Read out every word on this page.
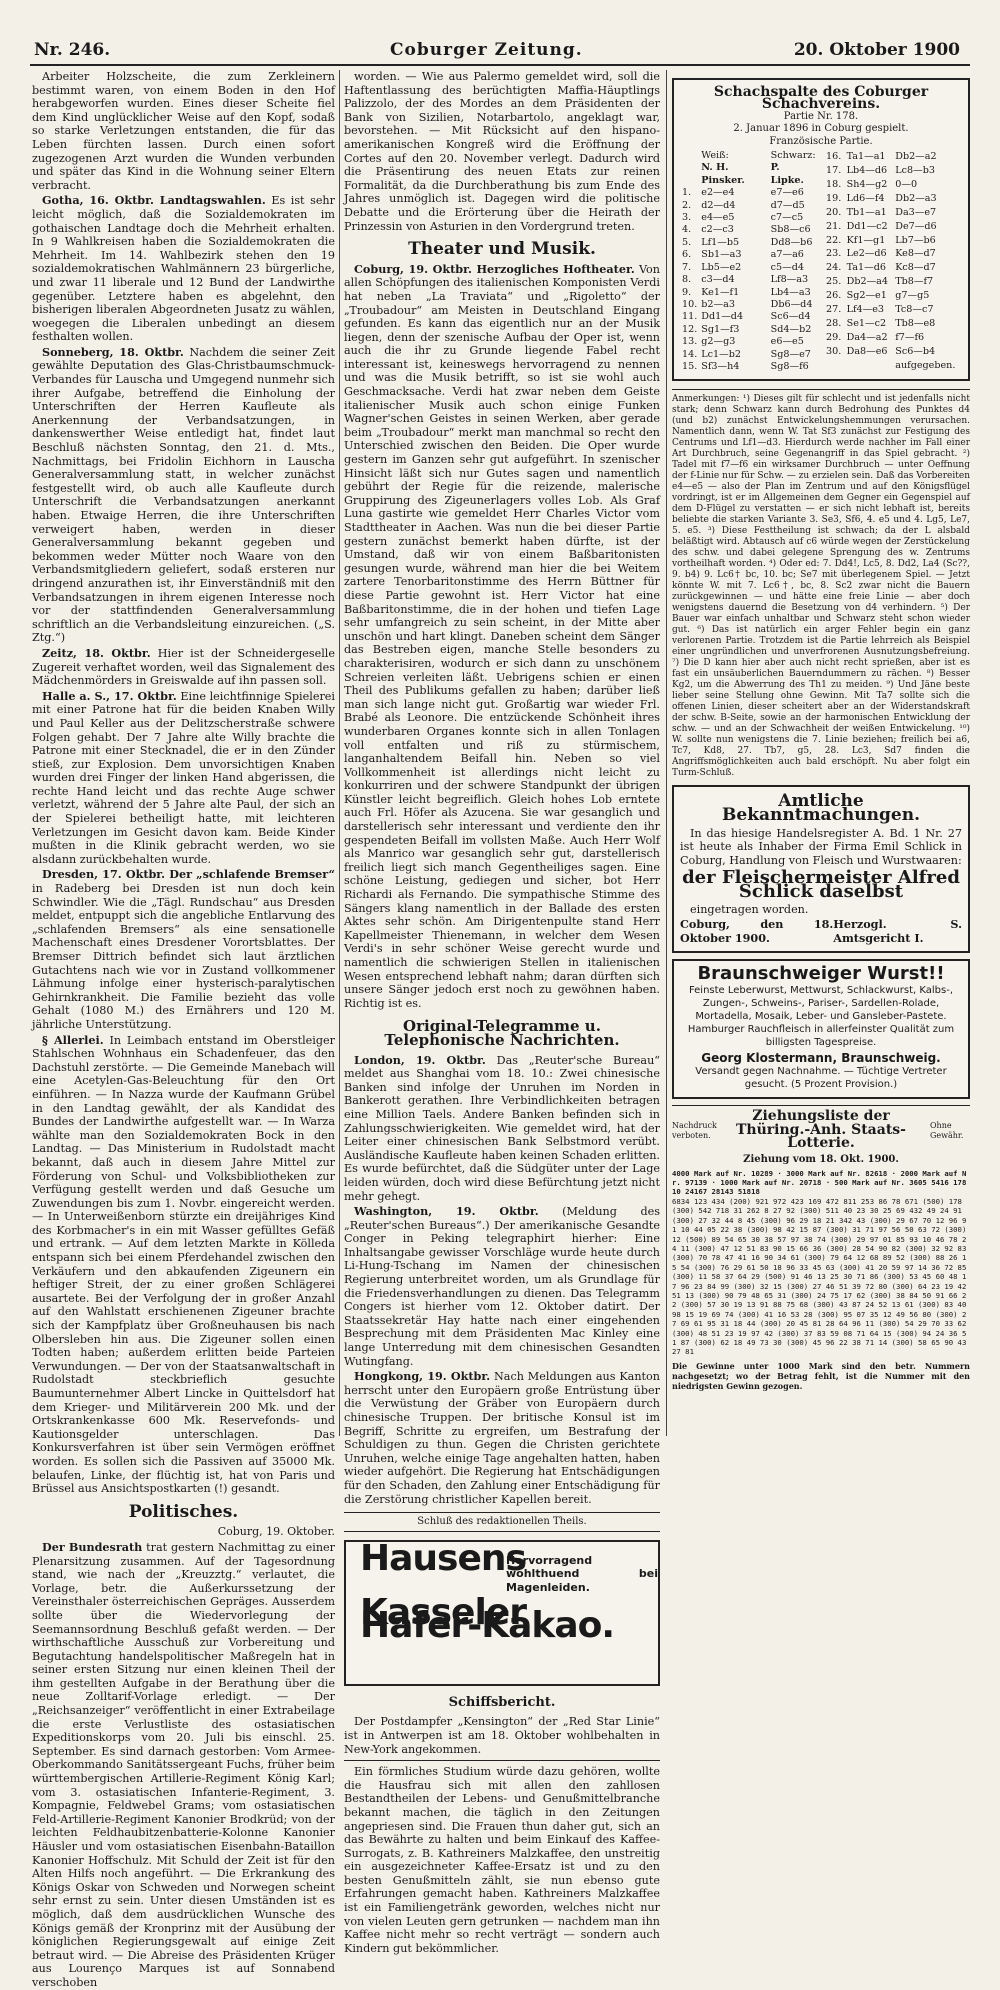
Nr. 246.	Coburger Zeitung.	20. Oktober 1900

Arbeiter Holzscheite, die zum Zerkleinern bestimmt waren, von einem Boden in den Hof herabgeworfen wurden. Eines dieser Scheite fiel dem Kind unglücklicher Weise auf den Kopf, sodaß so starke Verletzungen entstanden, die für das Leben fürchten lassen. Durch einen sofort zugezogenen Arzt wurden die Wunden verbunden und später das Kind in die Wohnung seiner Eltern verbracht.

Gotha, 16. Oktbr. Landtagswahlen. Es ist sehr leicht möglich, daß die Sozialdemokraten im gothaischen Landtage doch die Mehrheit erhalten. In 9 Wahlkreisen haben die Sozialdemokraten die Mehrheit. Im 14. Wahlbezirk stehen den 19 sozialdemokratischen Wahlmännern 23 bürgerliche, und zwar 11 liberale und 12 Bund der Landwirthe gegenüber. Letztere haben es abgelehnt, den bisherigen liberalen Abgeordneten Jusatz zu wählen, woegegen die Liberalen unbedingt an diesem festhalten wollen.

Sonneberg, 18. Oktbr. Nachdem die seiner Zeit gewählte Deputation des Glas-Christbaumschmuck-Verbandes für Lauscha und Umgegend nunmehr sich ihrer Aufgabe, betreffend die Einholung der Unterschriften der Herren Kaufleute als Anerkennung der Verbandsatzungen, in dankenswerther Weise entledigt hat, findet laut Beschluß nächsten Sonntag, den 21. d. Mts., Nachmittags, bei Fridolin Eichhorn in Lauscha Generalversammlung statt, in welcher zunächst festgestellt wird, ob auch alle Kaufleute durch Unterschrift die Verbandsatzungen anerkannt haben. Etwaige Herren, die ihre Unterschriften verweigert haben, werden in dieser Generalversammlung bekannt gegeben und bekommen weder Mütter noch Waare von den Verbandsmitgliedern geliefert, sodaß ersteren nur dringend anzurathen ist, ihr Einverständniß mit den Verbandsatzungen in ihrem eigenen Interesse noch vor der stattfindenden Generalversammlung schriftlich an die Verbandsleitung einzureichen. („S. Ztg.“)

Zeitz, 18. Oktbr. Hier ist der Schneidergeselle Zugereit verhaftet worden, weil das Signalement des Mädchenmörders in Greiswalde auf ihn passen soll.

Halle a. S., 17. Oktbr. Eine leichtfinnige Spielerei mit einer Patrone hat für die beiden Knaben Willy und Paul Keller aus der Delitzscherstraße schwere Folgen gehabt. Der 7 Jahre alte Willy brachte die Patrone mit einer Stecknadel, die er in den Zünder stieß, zur Explosion. Dem unvorsichtigen Knaben wurden drei Finger der linken Hand abgerissen, die rechte Hand leicht und das rechte Auge schwer verletzt, während der 5 Jahre alte Paul, der sich an der Spielerei betheiligt hatte, mit leichteren Verletzungen im Gesicht davon kam. Beide Kinder mußten in die Klinik gebracht werden, wo sie alsdann zurückbehalten wurde.

Dresden, 17. Oktbr. Der „schlafende Bremser“ in Radeberg bei Dresden ist nun doch kein Schwindler. Wie die „Tägl. Rundschau“ aus Dresden meldet, entpuppt sich die angebliche Entlarvung des „schlafenden Bremsers“ als eine sensationelle Machenschaft eines Dresdener Vorortsblattes. Der Bremser Dittrich befindet sich laut ärztlichen Gutachtens nach wie vor in Zustand vollkommener Lähmung infolge einer hysterisch-paralytischen Gehirnkrankheit. Die Familie bezieht das volle Gehalt (1080 M.) des Ernährers und 120 M. jährliche Unterstützung.

§ Allerlei. In Leimbach entstand im Oberstleiger Stahlschen Wohnhaus ein Schadenfeuer, das den Dachstuhl zerstörte. — Die Gemeinde Manebach will eine Acetylen-Gas-Beleuchtung für den Ort einführen. — In Nazza wurde der Kaufmann Grübel in den Landtag gewählt, der als Kandidat des Bundes der Landwirthe aufgestellt war. — In Warza wählte man den Sozialdemokraten Bock in den Landtag. — Das Ministerium in Rudolstadt macht bekannt, daß auch in diesem Jahre Mittel zur Förderung von Schul- und Volksbibliotheken zur Verfügung gestellt werden und daß Gesuche um Zuwendungen bis zum 1. Novbr. eingereicht werden. — In Unterweißenborn stürzte ein dreijähriges Kind des Korbmacher's in ein mit Wasser gefülltes Gefäß und ertrank. — Auf dem letzten Markte in Kölleda entspann sich bei einem Pferdehandel zwischen den Verkäufern und den abkaufenden Zigeunern ein heftiger Streit, der zu einer großen Schlägerei ausartete. Bei der Verfolgung der in großer Anzahl auf den Wahlstatt erschienenen Zigeuner brachte sich der Kampfplatz über Großneuhausen bis nach Olbersleben hin aus. Die Zigeuner sollen einen Todten haben; außerdem erlitten beide Parteien Verwundungen. — Der von der Staatsanwaltschaft in Rudolstadt steckbrieflich gesuchte Baumunternehmer Albert Lincke in Quittelsdorf hat dem Krieger- und Militärverein 200 Mk. und der Ortskrankenkasse 600 Mk. Reservefonds- und Kautionsgelder unterschlagen. Das Konkursverfahren ist über sein Vermögen eröffnet worden. Es sollen sich die Passiven auf 35000 Mk. belaufen, Linke, der flüchtig ist, hat von Paris und Brüssel aus Ansichtspostkarten (!) gesandt.

Politisches.
Coburg, 19. Oktober.

Der Bundesrath trat gestern Nachmittag zu einer Plenarsitzung zusammen. Auf der Tagesordnung stand, wie nach der „Kreuzztg.“ verlautet, die Vorlage, betr. die Außerkurssetzung der Vereinsthaler österreichischen Gepräges. Ausserdem sollte über die Wiedervorlegung der Seemannsordnung Beschluß gefaßt werden. — Der wirthschaftliche Ausschuß zur Vorbereitung und Begutachtung handelspolitischer Maßregeln hat in seiner ersten Sitzung nur einen kleinen Theil der ihm gestellten Aufgabe in der Berathung über die neue Zolltarif-Vorlage erledigt. — Der „Reichsanzeiger“ veröffentlicht in einer Extrabeilage die erste Verlustliste des ostasiatischen Expeditionskorps vom 20. Juli bis einschl. 25. September. Es sind darnach gestorben: Vom Armee-Oberkommando Sanitätssergeant Fuchs, früher beim württembergischen Artillerie-Regiment König Karl; vom 3. ostasiatischen Infanterie-Regiment, 3. Kompagnie, Feldwebel Grams; vom ostasiatischen Feld-Artillerie-Regiment Kanonier Brodkrüd; von der leichten Feldhaubitzenbatterie-Kolonne Kanonier Häusler und vom ostasiatischen Eisenbahn-Bataillon Kanonier Hoffschulz. Mit Schuld der Zeit ist für den Alten Hilfs noch angeführt. — Die Erkrankung des Königs Oskar von Schweden und Norwegen scheint sehr ernst zu sein. Unter diesen Umständen ist es möglich, daß dem ausdrücklichen Wunsche des Königs gemäß der Kronprinz mit der Ausübung der königlichen Regierungsgewalt auf einige Zeit betraut wird. — Die Abreise des Präsidenten Krüger aus Lourenço Marques ist auf Sonnabend verschoben

worden. — Wie aus Palermo gemeldet wird, soll die Haftentlassung des berüchtigten Maffia-Häuptlings Palizzolo, der des Mordes an dem Präsidenten der Bank von Sizilien, Notarbartolo, angeklagt war, bevorstehen. — Mit Rücksicht auf den hispano-amerikanischen Kongreß wird die Eröffnung der Cortes auf den 20. November verlegt. Dadurch wird die Präsentirung des neuen Etats zur reinen Formalität, da die Durchberathung bis zum Ende des Jahres unmöglich ist. Dagegen wird die politische Debatte und die Erörterung über die Heirath der Prinzessin von Asturien in den Vordergrund treten.

Theater und Musik.

Coburg, 19. Oktbr. Herzogliches Hoftheater. Von allen Schöpfungen des italienischen Komponisten Verdi hat neben „La Traviata“ und „Rigoletto“ der „Troubadour“ am Meisten in Deutschland Eingang gefunden. Es kann das eigentlich nur an der Musik liegen, denn der szenische Aufbau der Oper ist, wenn auch die ihr zu Grunde liegende Fabel recht interessant ist, keineswegs hervorragend zu nennen und was die Musik betrifft, so ist sie wohl auch Geschmacksache. Verdi hat zwar neben dem Geiste italienischer Musik auch schon einige Funken Wagner'schen Geistes in seinen Werken, aber gerade beim „Troubadour“ merkt man manchmal so recht den Unterschied zwischen den Beiden. Die Oper wurde gestern im Ganzen sehr gut aufgeführt. In szenischer Hinsicht läßt sich nur Gutes sagen und namentlich gebührt der Regie für die reizende, malerische Gruppirung des Zigeunerlagers volles Lob. Als Graf Luna gastirte wie gemeldet Herr Charles Victor vom Stadttheater in Aachen. Was nun die bei dieser Partie gestern zunächst bemerkt haben dürfte, ist der Umstand, daß wir von einem Baßbaritonisten gesungen wurde, während man hier die bei Weitem zartere Tenorbaritonstimme des Herrn Büttner für diese Partie gewohnt ist. Herr Victor hat eine Baßbaritonstimme, die in der hohen und tiefen Lage sehr umfangreich zu sein scheint, in der Mitte aber unschön und hart klingt. Daneben scheint dem Sänger das Bestreben eigen, manche Stelle besonders zu charakterisiren, wodurch er sich dann zu unschönem Schreien verleiten läßt. Uebrigens schien er einen Theil des Publikums gefallen zu haben; darüber ließ man sich lange nicht gut. Großartig war wieder Frl. Brabé als Leonore. Die entzückende Schönheit ihres wunderbaren Organes konnte sich in allen Tonlagen voll entfalten und riß zu stürmischem, langanhaltendem Beifall hin. Neben so viel Vollkommenheit ist allerdings nicht leicht zu konkurriren und der schwere Standpunkt der übrigen Künstler leicht begreiflich. Gleich hohes Lob erntete auch Frl. Höfer als Azucena. Sie war gesanglich und darstellerisch sehr interessant und verdiente den ihr gespendeten Beifall im vollsten Maße. Auch Herr Wolf als Manrico war gesanglich sehr gut, darstellerisch freilich liegt sich manch Gegentheiliges sagen. Eine schöne Leistung, gediegen und sicher, bot Herr Richardi als Fernando. Die sympathische Stimme des Sängers klang namentlich in der Ballade des ersten Aktes sehr schön. Am Dirigentenpulte stand Herr Kapellmeister Thienemann, in welcher dem Wesen Verdi's in sehr schöner Weise gerecht wurde und namentlich die schwierigen Stellen in italienischen Wesen entsprechend lebhaft nahm; daran dürften sich unsere Sänger jedoch erst noch zu gewöhnen haben. Richtig ist es.

Original-Telegramme u. Telephonische Nachrichten.

London, 19. Oktbr. Das „Reuter'sche Bureau“ meldet aus Shanghai vom 18. 10.: Zwei chinesische Banken sind infolge der Unruhen im Norden in Bankerott gerathen. Ihre Verbindlichkeiten betragen eine Million Taels. Andere Banken befinden sich in Zahlungsschwierigkeiten. Wie gemeldet wird, hat der Leiter einer chinesischen Bank Selbstmord verübt. Ausländische Kaufleute haben keinen Schaden erlitten. Es wurde befürchtet, daß die Südgüter unter der Lage leiden würden, doch wird diese Befürchtung jetzt nicht mehr gehegt.

Washington, 19. Oktbr. (Meldung des „Reuter'schen Bureaus“.) Der amerikanische Gesandte Conger in Peking telegraphirt hierher: Eine Inhaltsangabe gewisser Vorschläge wurde heute durch Li-Hung-Tschang im Namen der chinesischen Regierung unterbreitet worden, um als Grundlage für die Friedensverhandlungen zu dienen. Das Telegramm Congers ist hierher vom 12. Oktober datirt. Der Staatssekretär Hay hatte nach einer eingehenden Besprechung mit dem Präsidenten Mac Kinley eine lange Unterredung mit dem chinesischen Gesandten Wutingfang.

Hongkong, 19. Oktbr. Nach Meldungen aus Kanton herrscht unter den Europäern große Entrüstung über die Verwüstung der Gräber von Europäern durch chinesische Truppen. Der britische Konsul ist im Begriff, Schritte zu ergreifen, um Bestrafung der Schuldigen zu thun. Gegen die Christen gerichtete Unruhen, welche einige Tage angehalten hatten, haben wieder aufgehört. Die Regierung hat Entschädigungen für den Schaden, den Zahlung einer Entschädigung für die Zerstörung christlicher Kapellen bereit.

Schluß des redaktionellen Theils.
Hausens
Hervorragend wohlthuend bei Magenleiden.
Kasseler Hafer-Kakao.
Schiffsbericht.

Der Postdampfer „Kensington“ der „Red Star Linie“ ist in Antwerpen ist am 18. Oktober wohlbehalten in New-York angekommen.

Ein förmliches Studium würde dazu gehören, wollte die Hausfrau sich mit allen den zahllosen Bestandtheilen der Lebens- und Genußmittelbranche bekannt machen, die täglich in den Zeitungen angepriesen sind. Die Frauen thun daher gut, sich an das Bewährte zu halten und beim Einkauf des Kaffee-Surrogats, z. B. Kathreiners Malzkaffee, den unstreitig ein ausgezeichneter Kaffee-Ersatz ist und zu den besten Genußmitteln zählt, sie nun ebenso gute Erfahrungen gemacht haben. Kathreiners Malzkaffee ist ein Familiengetränk geworden, welches nicht nur von vielen Leuten gern getrunken — nachdem man ihn Kaffee nicht mehr so recht verträgt — sondern auch Kindern gut bekömmlicher.

Schachspalte des Coburger Schachvereins.
Partie Nr. 178.
2. Januar 1896 in Coburg gespielt.
Französische Partie.
	Weiß:	Schwarz:
	N. H. Pinsker.	P. Lipke.
1.	e2—e4	e7—e6
2.	d2—d4	d7—d5
3.	e4—e5	c7—c5
4.	c2—c3	Sb8—c6
5.	Lf1—b5	Dd8—b6
6.	Sb1—a3	a7—a6
7.	Lb5—e2	c5—d4
8.	c3—d4	Lf8—a3
9.	Ke1—f1	Lb4—a3
10.	b2—a3	Db6—d4
11.	Dd1—d4	Sc6—d4
12.	Sg1—f3	Sd4—b2
13.	g2—g3	e6—e5
14.	Lc1—b2	Sg8—e7
15.	Sf3—h4	Sg8—f6
16.	Ta1—a1	Db2—a2
17.	Lb4—d6	Lc8—b3
18.	Sh4—g2	0—0
19.	Ld6—f4	Db2—a3
20.	Tb1—a1	Da3—e7
21.	Dd1—c2	De7—d6
22.	Kf1—g1	Lb7—b6
23.	Le2—d6	Ke8—d7
24.	Ta1—d6	Kc8—d7
25.	Db2—a4	Tb8—f7
26.	Sg2—e1	g7—g5
27.	Lf4—e3	Tc8—c7
28.	Se1—c2	Tb8—e8
29.	Da4—a2	f7—f6
30.	Da8—e6	Sc6—b4
		aufgegeben.
Anmerkungen: ¹) Dieses gilt für schlecht und ist jedenfalls nicht stark; denn Schwarz kann durch Bedrohung des Punktes d4 (und b2) zunächst Entwickelungshemmungen verursachen. Namentlich dann, wenn W. Tat Sf3 zunächst zur Festigung des Centrums und Lf1—d3. Hierdurch werde nachher im Fall einer Art Durchbruch, seine Gegenangriff in das Spiel gebracht. ²) Tadel mit f7—f6 ein wirksamer Durchbruch — unter Oeffnung der f-Linie nur für Schw. — zu erzielen sein. Daß das Vorbereiten e4—e5 — also der Plan im Zentrum und auf den Königsflügel vordringt, ist er im Allgemeinen dem Gegner ein Gegenspiel auf dem D-Flügel zu verstatten — er sich nicht lebhaft ist, bereits beliebte die starken Variante 3. Se3, Sf6, 4. e5 und 4. Lg5, Le7, 5. e5. ³) Diese Festtheilung ist schwach; da der L alsbald beläßtigt wird. Abtausch auf c6 würde wegen der Zerstückelung des schw. und dabei gelegene Sprengung des w. Zentrums vortheilhaft worden. ⁴) Oder ed: 7. Dd4!, Lc5, 8. Dd2, La4 (Sc??, 9. b4) 9. Lc6† bc, 10. bc; Se7 mit überlegenem Spiel. — Jetzt könnte W. mit 7. Lc6†, bc, 8. Sc2 zwar nicht die Bauern zurückgewinnen — und hätte eine freie Linie — aber doch wenigstens dauernd die Besetzung von d4 verhindern. ⁵) Der Bauer war einfach unhaltbar und Schwarz steht schon wieder gut. ⁶) Das ist natürlich ein arger Fehler begin ein ganz verlorenen Partie. Trotzdem ist die Partie lehrreich als Beispiel einer ungründlichen und unverfrorenen Ausnutzungsbefreiung. ⁷) Die D kann hier aber auch nicht recht sprießen, aber ist es fast ein unsäuberlichen Bauerndummern zu rächen. ⁸) Besser Kg2, um die Abwerrung des Th1 zu meiden. ⁹) Und Jäne beste lieber seine Stellung ohne Gewinn. Mit Ta7 sollte sich die offenen Linien, dieser scheitert aber an der Widerstandskraft der schw. B-Seite, sowie an der harmonischen Entwicklung der schw. — und an der Schwachheit der weißen Entwickelung. ¹⁰) W. sollte nun wenigstens die 7. Linie beziehen; freilich bei a6, Tc7, Kd8, 27. Tb7, g5, 28. Lc3, Sd7 finden die Angriffsmöglichkeiten auch bald erschöpft. Nu aber folgt ein Turm-Schluß.
Amtliche Bekanntmachungen.

In das hiesige Handelsregister A. Bd. 1 Nr. 27 ist heute als Inhaber der Firma Emil Schlick in Coburg, Handlung von Fleisch und Wurstwaaren:

der Fleischermeister Alfred Schlick daselbst

eingetragen worden.

Coburg, den 18. Oktober 1900.
Herzogl. S. Amtsgericht I.
Braunschweiger Wurst!!
Feinste Leberwurst, Mettwurst, Schlackwurst, Kalbs-, Zungen-, Schweins-, Pariser-, Sardellen-Rolade, Mortadella, Mosaik, Leber- und Gansleber-Pastete. Hamburger Rauchfleisch in allerfeinster Qualität zum billigsten Tagespreise.
Georg Klostermann, Braunschweig.
Versandt gegen Nachnahme. — Tüchtige Vertreter gesucht. (5 Prozent Provision.)
Nachdruck verboten.
Ziehungsliste der Thüring.-Anh. Staats-Lotterie.
Ohne Gewähr.
Ziehung vom 18. Okt. 1900.
4000 Mark auf Nr. 10289 · 3000 Mark auf Nr. 82618 · 2000 Mark auf Nr. 97139 · 1000 Mark auf Nr. 20718 · 500 Mark auf Nr. 3605 5416 17810 24167 28143 51818
6834 123 434 (200) 921 972 423 169 472 811 253 86 78 671 (500) 178 (300) 542 718 31 262 8 27 92 (300) 511 40 23 30 25 69 432 49 24 91 (300) 27 32 44 8 45 (300) 96 29 18 21 342 43 (300) 29 67 70 12 96 91 10 44 05 22 38 (300) 98 42 15 87 (300) 31 71 97 56 50 63 72 (300) 12 (500) 89 54 65 30 38 57 97 38 74 (300) 29 97 01 85 93 10 46 78 24 11 (300) 47 12 51 83 90 15 66 36 (300) 28 54 90 82 (300) 32 92 83 (300) 70 78 47 41 16 90 34 61 (300) 79 64 12 68 89 52 (300) 88 26 15 54 (300) 76 29 61 50 18 96 33 45 63 (300) 41 20 59 97 14 36 72 85 (300) 11 58 37 64 29 (500) 91 46 13 25 30 71 86 (300) 53 45 60 48 17 96 23 84 99 (300) 32 15 (300) 27 46 51 39 72 80 (300) 64 23 19 42 51 13 (300) 90 79 48 65 31 (300) 24 75 17 62 (300) 38 84 50 91 66 22 (300) 57 30 19 13 91 88 75 68 (300) 43 87 24 52 13 61 (300) 83 40 98 15 19 69 74 (300) 41 16 53 28 (300) 95 07 35 12 49 56 80 (300) 27 69 61 95 31 18 44 (300) 20 45 81 28 64 96 11 (300) 54 29 70 33 62 (300) 48 51 23 19 97 42 (300) 37 83 59 08 71 64 15 (300) 94 24 36 51 87 (300) 62 18 49 73 30 (300) 45 96 22 38 71 14 (300) 58 65 90 43 27 81
Die Gewinne unter 1000 Mark sind den betr. Nummern nachgesetzt; wo der Betrag fehlt, ist die Nummer mit den niedrigsten Gewinn gezogen.
